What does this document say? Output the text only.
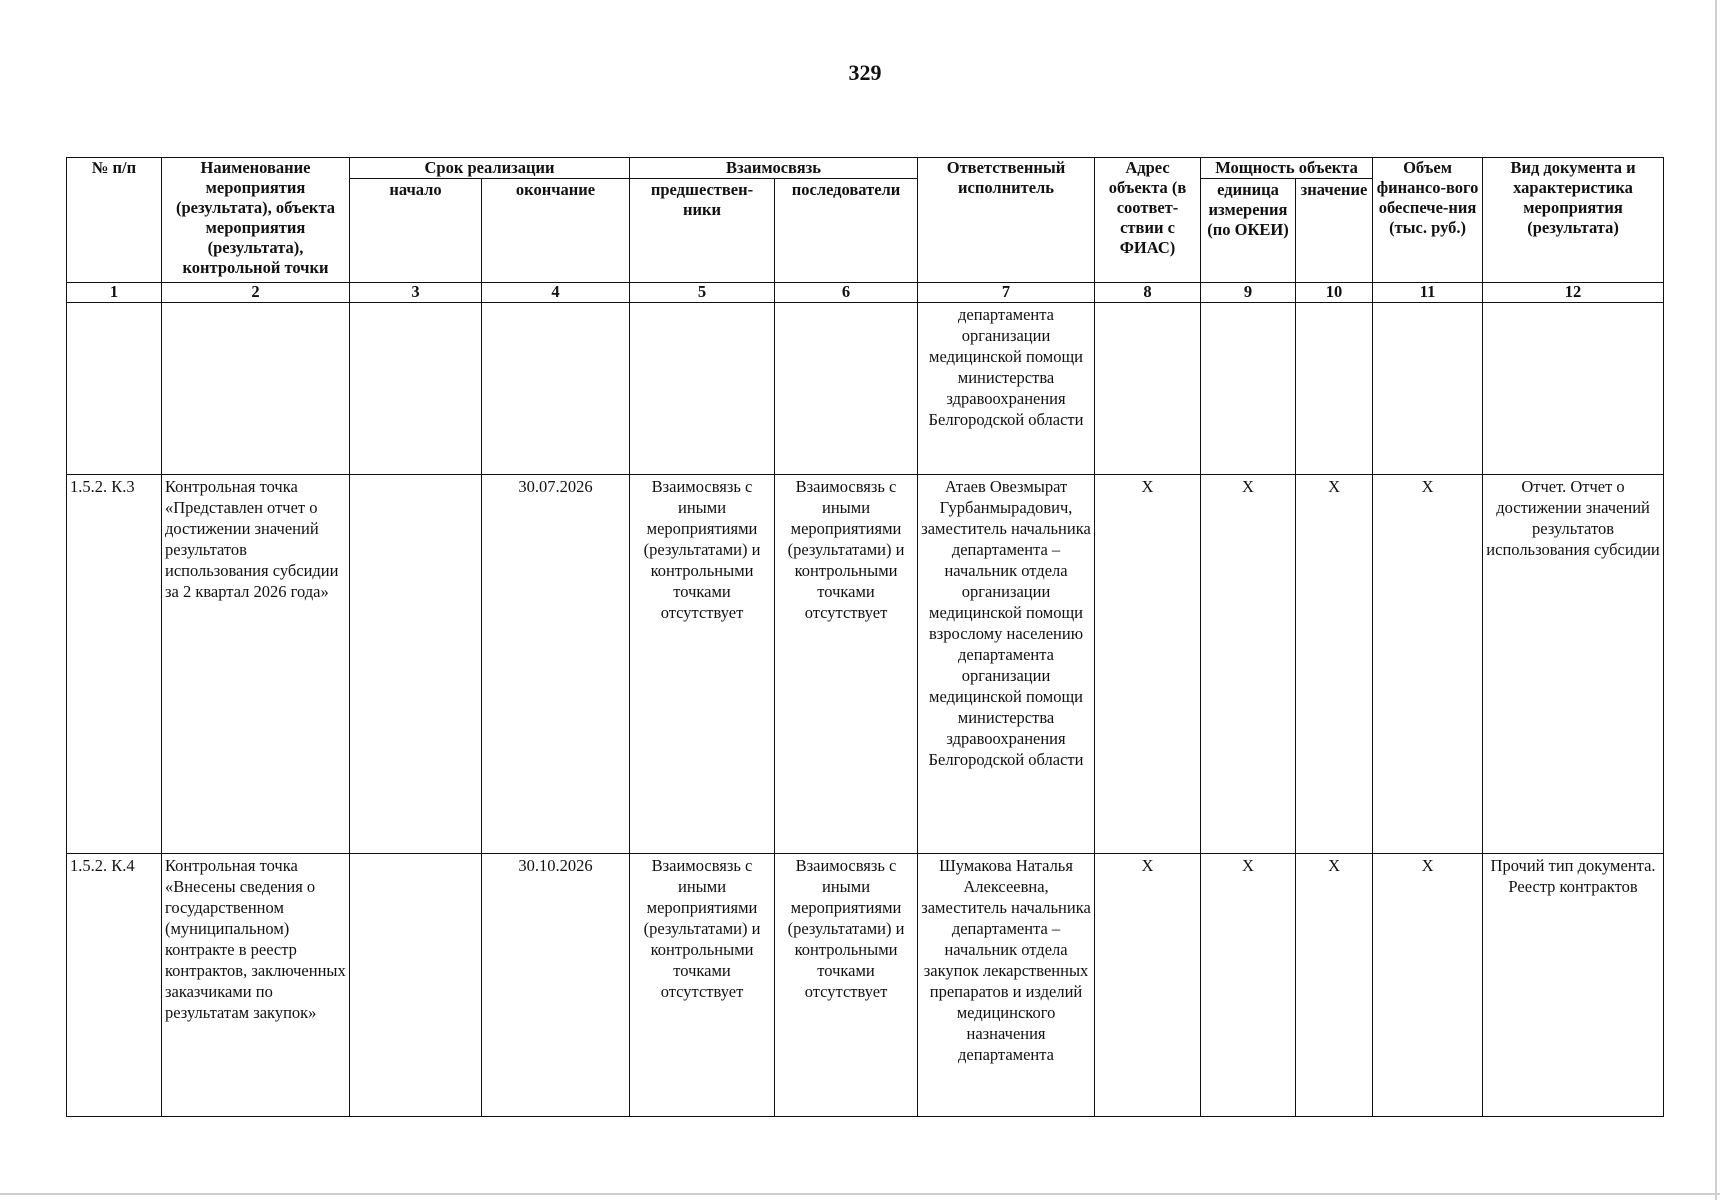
329
№ п/п	Наименование мероприятия (результата), объекта мероприятия (результата), контрольной точки	Срок реализации		Взаимосвязь		Ответственный исполнитель	Адрес объекта (в соответ-ствии с ФИАС)	Мощность объекта		Объем финансо-вого обеспече-ния (тыс. руб.)	Вид документа и характеристика мероприятия (результата)
		начало	окончание	предшествен-ники	последователи			единица измерения (по ОКЕИ)	значение		
1	2	3	4	5	6	7	8	9	10	11	12
						департамента организации медицинской помощи министерства здравоохранения Белгородской области					
1.5.2. К.3	Контрольная точка «Представлен отчет о достижении значений результатов использования субсидии за 2 квартал 2026 года»		30.07.2026	Взаимосвязь с иными мероприятиями (результатами) и контрольными точками отсутствует	Взаимосвязь с иными мероприятиями (результатами) и контрольными точками отсутствует	Атаев Овезмырат Гурбанмырадович, заместитель начальника департамента – начальник отдела организации медицинской помощи взрослому населению департамента организации медицинской помощи министерства здравоохранения Белгородской области	X	X	X	X	Отчет. Отчет о достижении значений результатов использования субсидии
1.5.2. К.4	Контрольная точка «Внесены сведения о государственном (муниципальном) контракте в реестр контрактов, заключенных заказчиками по результатам закупок»		30.10.2026	Взаимосвязь с иными мероприятиями (результатами) и контрольными точками отсутствует	Взаимосвязь с иными мероприятиями (результатами) и контрольными точками отсутствует	Шумакова Наталья Алексеевна, заместитель начальника департамента – начальник отдела закупок лекарственных препаратов и изделий медицинского назначения департамента	X	X	X	X	Прочий тип документа. Реестр контрактов
